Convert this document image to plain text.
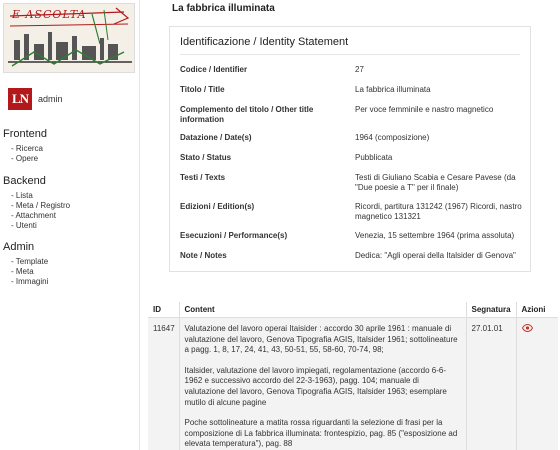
E ASCOLTA
LN	admin
Frontend
- Ricerca
- Opere
Backend
- Lista
- Meta / Registro
- Attachment
- Utenti
Admin
- Template
- Meta
- Immagini
La fabbrica illuminata
Identificazione / Identity Statement
Codice / Identifier	27
Titolo / Title	La fabbrica illuminata
Complemento del titolo / Other title information
Per voce femminile e nastro magnetico
Datazione / Date(s)	1964 (composizione)
Stato / Status	Pubblicata
Testi / Texts	Testi di Giuliano Scabia e Cesare Pavese (da "Due poesie a T" per il finale)
Edizioni / Edition(s)	Ricordi, partitura 131242 (1967) Ricordi, nastro magnetico 131321
Esecuzioni / Performance(s)	Venezia, 15 settembre 1964 (prima assoluta)
Note / Notes	Dedica: "Agli operai della Italsider di Genova"
ID	Content	Segnatura	Azioni
11647	Valutazione del lavoro operai Itaisider : accordo 30 aprile 1961 : manuale di valutazione del lavoro, Genova Tipografia AGIS, Italsider 1961; sottolineature a pagg. 1, 8, 17, 24, 41, 43, 50-51, 55, 58-60, 70-74, 98;
Italsider, valutazione del lavoro impiegati, regolamentazione (accordo 6-6-1962 e successivo accordo del 22-3-1963), pagg. 104; manuale di valutazione del lavoro, Genova Tipografia AGIS, Italsider 1963; esemplare mutilo di alcune pagine
Poche sottolineature a matita rossa riguardanti la selezione di frasi per la composizione di La fabbrica illuminata: frontespizio, pag. 85 ("esposizione ad elevata temperatura"), pag. 88	27.01.01	
